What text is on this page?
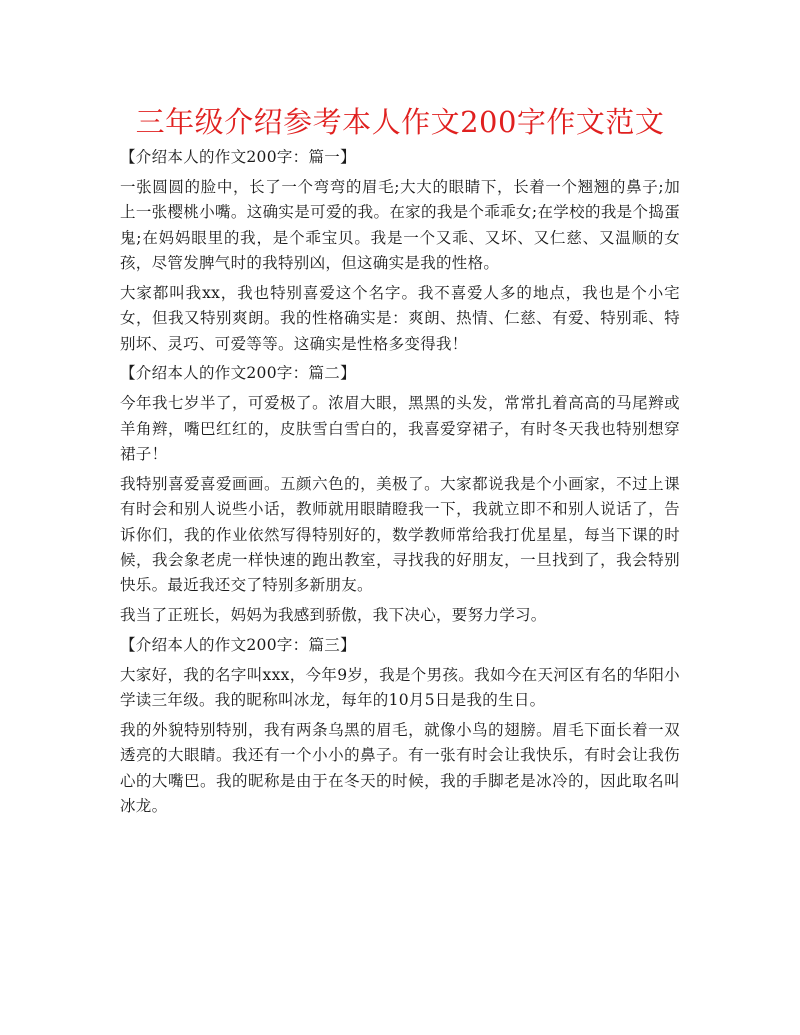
三年级介绍参考本人作文200字作文范文

【介绍本人的作文200字：篇一】

一张圆圆的脸中，长了一个弯弯的眉毛;大大的眼睛下，长着一个翘翘的鼻子;加上一张樱桃小嘴。这确实是可爱的我。在家的我是个乖乖女;在学校的我是个捣蛋鬼;在妈妈眼里的我，是个乖宝贝。我是一个又乖、又坏、又仁慈、又温顺的女孩，尽管发脾气时的我特别凶，但这确实是我的性格。

大家都叫我xx，我也特别喜爱这个名字。我不喜爱人多的地点，我也是个小宅女，但我又特别爽朗。我的性格确实是：爽朗、热情、仁慈、有爱、特别乖、特别坏、灵巧、可爱等等。这确实是性格多变得我！

【介绍本人的作文200字：篇二】

今年我七岁半了，可爱极了。浓眉大眼，黑黑的头发，常常扎着高高的马尾辫或羊角辫，嘴巴红红的，皮肤雪白雪白的，我喜爱穿裙子，有时冬天我也特别想穿裙子！

我特别喜爱喜爱画画。五颜六色的，美极了。大家都说我是个小画家，不过上课有时会和别人说些小话，教师就用眼睛瞪我一下，我就立即不和别人说话了，告诉你们，我的作业依然写得特别好的，数学教师常给我打优星星，每当下课的时候，我会象老虎一样快速的跑出教室，寻找我的好朋友，一旦找到了，我会特别快乐。最近我还交了特别多新朋友。

我当了正班长，妈妈为我感到骄傲，我下决心，要努力学习。

【介绍本人的作文200字：篇三】

大家好，我的名字叫xxx，今年9岁，我是个男孩。我如今在天河区有名的华阳小学读三年级。我的昵称叫冰龙，每年的10月5日是我的生日。

我的外貌特别特别，我有两条乌黑的眉毛，就像小鸟的翅膀。眉毛下面长着一双透亮的大眼睛。我还有一个小小的鼻子。有一张有时会让我快乐，有时会让我伤心的大嘴巴。我的昵称是由于在冬天的时候，我的手脚老是冰冷的，因此取名叫冰龙。
